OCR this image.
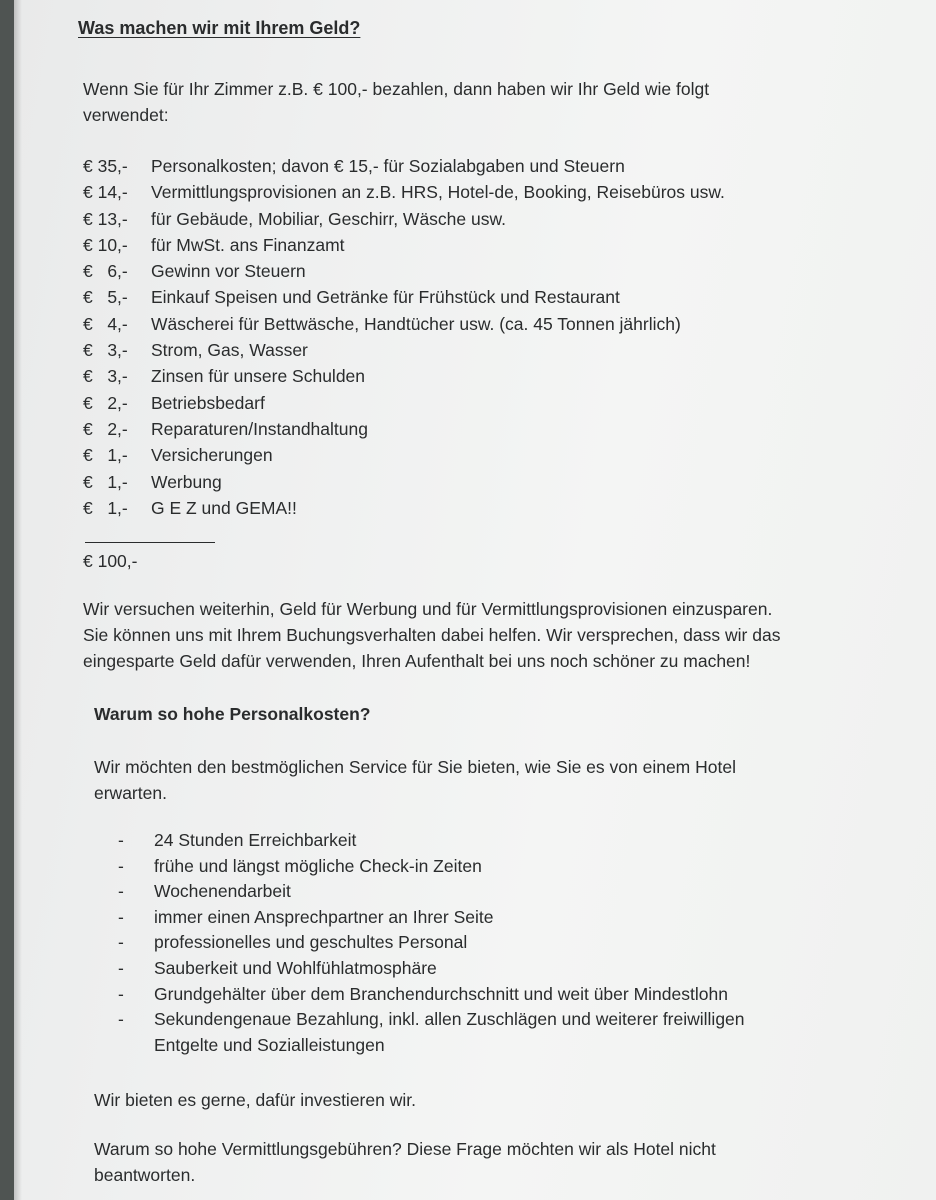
Was machen wir mit Ihrem Geld?
Wenn Sie für Ihr Zimmer z.B. € 100,- bezahlen, dann haben wir Ihr Geld wie folgt
verwendet:
€ 35,- Personalkosten; davon € 15,- für Sozialabgaben und Steuern
€ 14,- Vermittlungsprovisionen an z.B. HRS, Hotel-de, Booking, Reisebüros usw.
€ 13,- für Gebäude, Mobiliar, Geschirr, Wäsche usw.
€ 10,- für MwSt. ans Finanzamt
€   6,- Gewinn vor Steuern
€   5,- Einkauf Speisen und Getränke für Frühstück und Restaurant
€   4,- Wäscherei für Bettwäsche, Handtücher usw. (ca. 45 Tonnen jährlich)
€   3,- Strom, Gas, Wasser
€   3,- Zinsen für unsere Schulden
€   2,- Betriebsbedarf
€   2,- Reparaturen/Instandhaltung
€   1,- Versicherungen
€   1,- Werbung
€   1,- G E Z und GEMA!!
€ 100,-
Wir versuchen weiterhin, Geld für Werbung und für Vermittlungsprovisionen einzusparen.
Sie können uns mit Ihrem Buchungsverhalten dabei helfen. Wir versprechen, dass wir das
eingesparte Geld dafür verwenden, Ihren Aufenthalt bei uns noch schöner zu machen!
Warum so hohe Personalkosten?
Wir möchten den bestmöglichen Service für Sie bieten, wie Sie es von einem Hotel
erwarten.
- 24 Stunden Erreichbarkeit
- frühe und längst mögliche Check-in Zeiten
- Wochenendarbeit
- immer einen Ansprechpartner an Ihrer Seite
- professionelles und geschultes Personal
- Sauberkeit und Wohlfühlatmosphäre
- Grundgehälter über dem Branchendurchschnitt und weit über Mindestlohn
- Sekundengenaue Bezahlung, inkl. allen Zuschlägen und weiterer freiwilligen
Entgelte und Sozialleistungen
Wir bieten es gerne, dafür investieren wir.
Warum so hohe Vermittlungsgebühren? Diese Frage möchten wir als Hotel nicht
beantworten.
